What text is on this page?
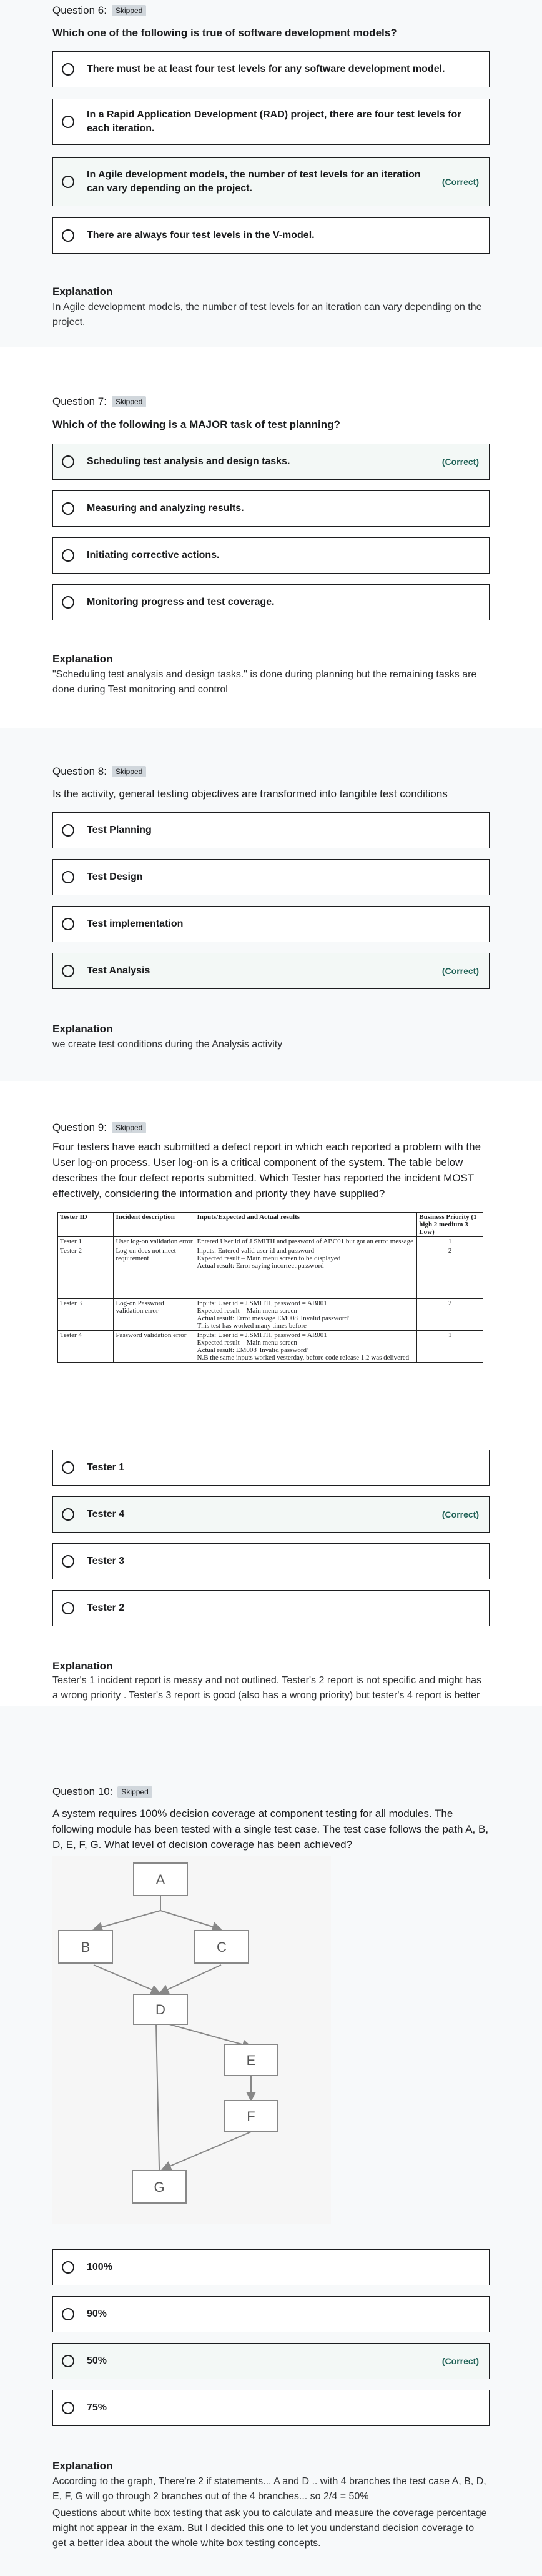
Question 6:	Skipped
Which one of the following is true of software development models?
There must be at least four test levels for any software development model.
In a Rapid Application Development (RAD) project, there are four test levels for each iteration.
In Agile development models, the number of test levels for an iteration can vary depending on the project.
(Correct)
There are always four test levels in the V-model.
Explanation
In Agile development models, the number of test levels for an iteration can vary depending on the project.
Question 7:	Skipped
Which of the following is a MAJOR task of test planning?
Scheduling test analysis and design tasks.	(Correct)
Measuring and analyzing results.
Initiating corrective actions.
Monitoring progress and test coverage.
Explanation
"Scheduling test analysis and design tasks." is done during planning but the remaining tasks are done during Test monitoring and control
Question 8:	Skipped
Is the activity, general testing objectives are transformed into tangible test conditions
Test Planning
Test Design
Test implementation
Test Analysis	(Correct)
Explanation
we create test conditions during the Analysis activity
Question 9:	Skipped
Four testers have each submitted a defect report in which each reported a problem with the User log-on process. User log-on is a critical component of the system. The table below describes the four defect reports submitted. Which Tester has reported the incident MOST effectively, considering the information and priority they have supplied?
Tester ID	Incident description	Inputs/Expected and Actual results	Business Priority (1 high 2 medium 3 Low)
Tester 1	User log-on validation error	Entered User id of J SMITH and password of ABC01 but got an error message	1
Tester 2	Log-on does not meet requirement	Inputs: Entered valid user id and password
Expected result – Main menu screen to be displayed
Actual result: Error saying incorrect password	2
Tester 3	Log-on Password validation error	Inputs: User id = J.SMITH, password = AB001
Expected result – Main menu screen
Actual result: Error message EM008 'Invalid password'
This test has worked many times before	2
Tester 4	Password validation error	Inputs: User id = J.SMITH, password = AR001
Expected result – Main menu screen
Actual result: EM008 'Invalid password'
N.B the same inputs worked yesterday, before code release 1.2 was delivered	1
Tester 1
Tester 4	(Correct)
Tester 3
Tester 2
Explanation
Tester's 1 incident report is messy and not outlined. Tester's 2 report is not specific and might has a wrong priority . Tester's 3 report is good (also has a wrong priority) but tester's 4 report is better
Question 10:	Skipped
A system requires 100% decision coverage at component testing for all modules. The following module has been tested with a single test case. The test case follows the path A, B, D, E, F, G. What level of decision coverage has been achieved?
100%
90%
50%	(Correct)
75%
Explanation
According to the graph, There're 2 if statements... A and D .. with 4 branches the test case A, B, D, E, F, G will go through 2 branches out of the 4 branches... so 2/4 = 50%
Questions about white box testing that ask you to calculate and measure the coverage percentage might not appear in the exam. But I decided this one to let you understand decision coverage to get a better idea about the whole white box testing concepts.
A
B	C
D
E
F
G
